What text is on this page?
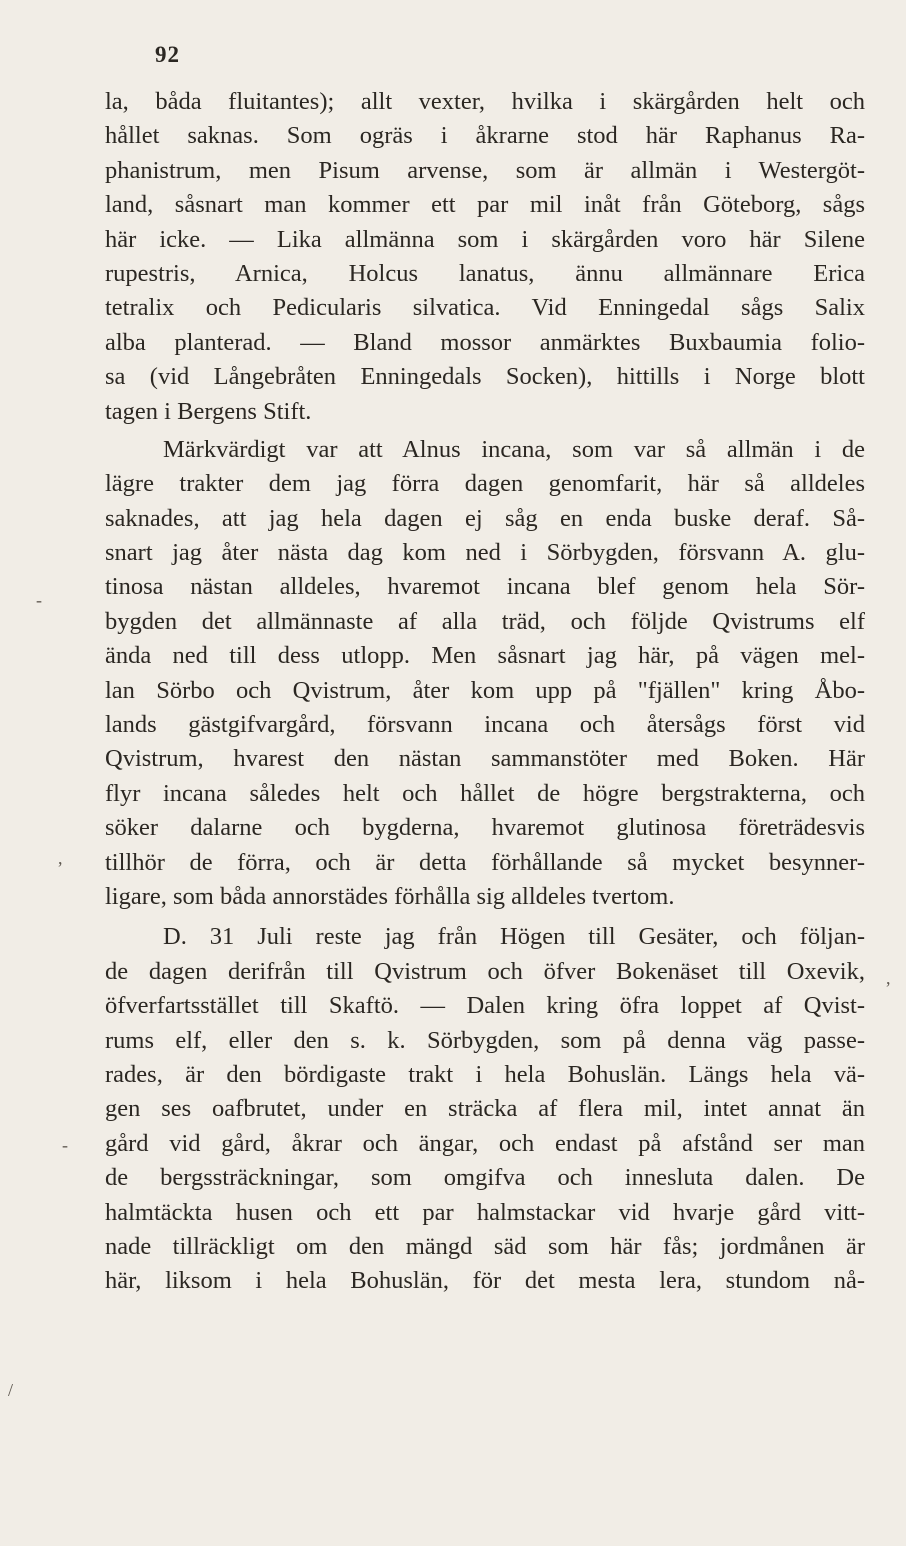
92
la, båda fluitantes); allt vexter, hvilka i skärgården helt och
hållet saknas. Som ogräs i åkrarne stod här Raphanus Ra-
phanistrum, men Pisum arvense, som är allmän i Westergöt-
land, såsnart man kommer ett par mil inåt från Göteborg, sågs
här icke. — Lika allmänna som i skärgården voro här Silene
rupestris, Arnica, Holcus lanatus, ännu allmännare Erica
tetralix och Pedicularis silvatica. Vid Enningedal sågs Salix
alba planterad. — Bland mossor anmärktes Buxbaumia folio-
sa (vid Långebråten Enningedals Socken), hittills i Norge blott
tagen i Bergens Stift.
Märkvärdigt var att Alnus incana, som var så allmän i de
lägre trakter dem jag förra dagen genomfarit, här så alldeles
saknades, att jag hela dagen ej såg en enda buske deraf. Så-
snart jag åter nästa dag kom ned i Sörbygden, försvann A. glu-
tinosa nästan alldeles, hvaremot incana blef genom hela Sör-
bygden det allmännaste af alla träd, och följde Qvistrums elf
ända ned till dess utlopp. Men såsnart jag här, på vägen mel-
lan Sörbo och Qvistrum, åter kom upp på "fjällen" kring Åbo-
lands gästgifvargård, försvann incana och återsågs först vid
Qvistrum, hvarest den nästan sammanstöter med Boken. Här
flyr incana således helt och hållet de högre bergstrakterna, och
söker dalarne och bygderna, hvaremot glutinosa företrädesvis
tillhör de förra, och är detta förhållande så mycket besynner-
ligare, som båda annorstädes förhålla sig alldeles tvertom.
D. 31 Juli reste jag från Högen till Gesäter, och följan-
de dagen derifrån till Qvistrum och öfver Bokenäset till Oxevik,
öfverfartsstället till Skaftö. — Dalen kring öfra loppet af Qvist-
rums elf, eller den s. k. Sörbygden, som på denna väg passe-
rades, är den bördigaste trakt i hela Bohuslän. Längs hela vä-
gen ses oafbrutet, under en sträcka af flera mil, intet annat än
gård vid gård, åkrar och ängar, och endast på afstånd ser man
de bergssträckningar, som omgifva och innesluta dalen. De
halmtäckta husen och ett par halmstackar vid hvarje gård vitt-
nade tillräckligt om den mängd säd som här fås; jordmånen är
här, liksom i hela Bohuslän, för det mesta lera, stundom nå-
-
-
/
,
,
